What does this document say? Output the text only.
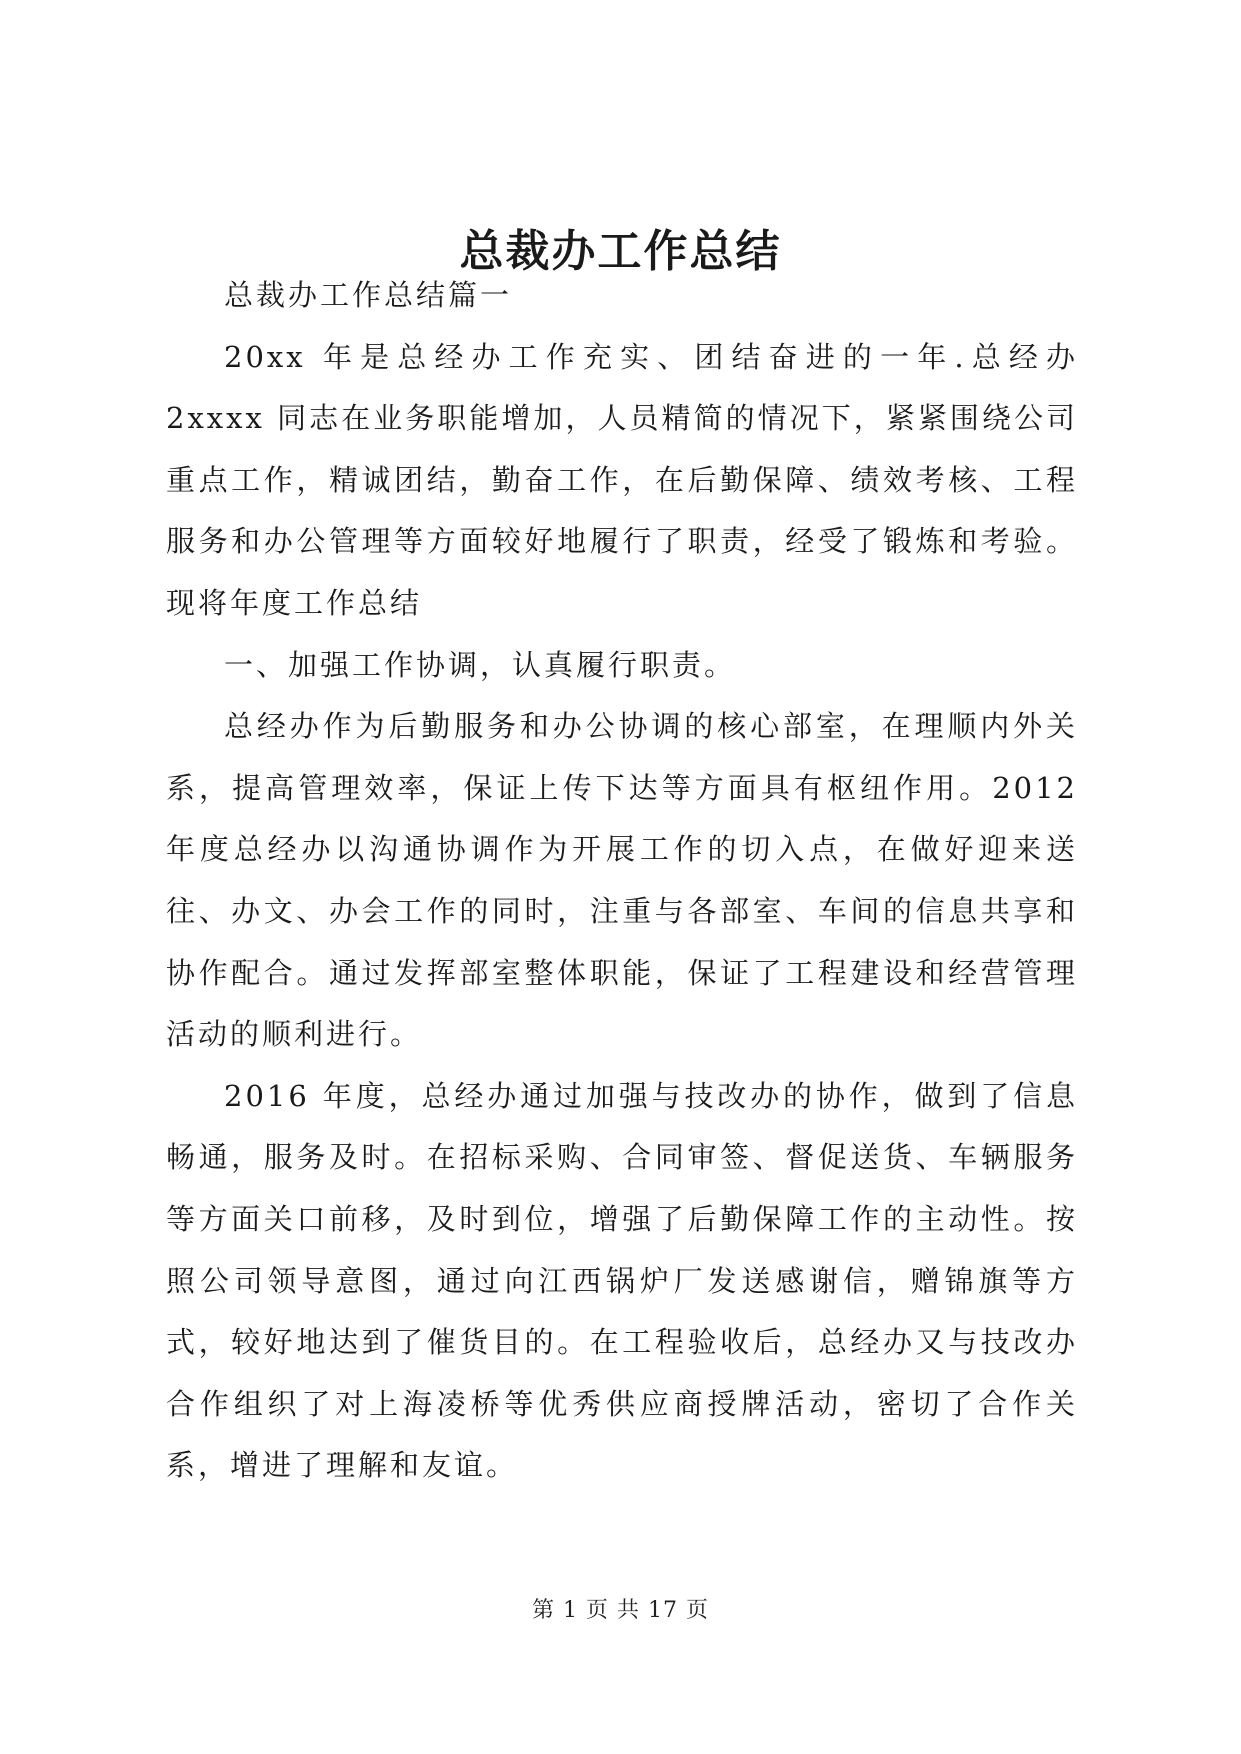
总裁办工作总结

总裁办工作总结篇一

20xx 年是总经办工作充实、团结奋进的一年.总经办 2xxxx 同志在业务职能增加，人员精简的情况下，紧紧围绕公司重点工作，精诚团结，勤奋工作，在后勤保障、绩效考核、工程服务和办公管理等方面较好地履行了职责，经受了锻炼和考验。现将年度工作总结

一、加强工作协调，认真履行职责。

总经办作为后勤服务和办公协调的核心部室，在理顺内外关系，提高管理效率，保证上传下达等方面具有枢纽作用。2012 年度总经办以沟通协调作为开展工作的切入点，在做好迎来送往、办文、办会工作的同时，注重与各部室、车间的信息共享和协作配合。通过发挥部室整体职能，保证了工程建设和经营管理活动的顺利进行。

2016 年度，总经办通过加强与技改办的协作，做到了信息畅通，服务及时。在招标采购、合同审签、督促送货、车辆服务等方面关口前移，及时到位，增强了后勤保障工作的主动性。按照公司领导意图，通过向江西锅炉厂发送感谢信，赠锦旗等方式，较好地达到了催货目的。在工程验收后，总经办又与技改办合作组织了对上海凌桥等优秀供应商授牌活动，密切了合作关系，增进了理解和友谊。

第 1 页 共 17 页
